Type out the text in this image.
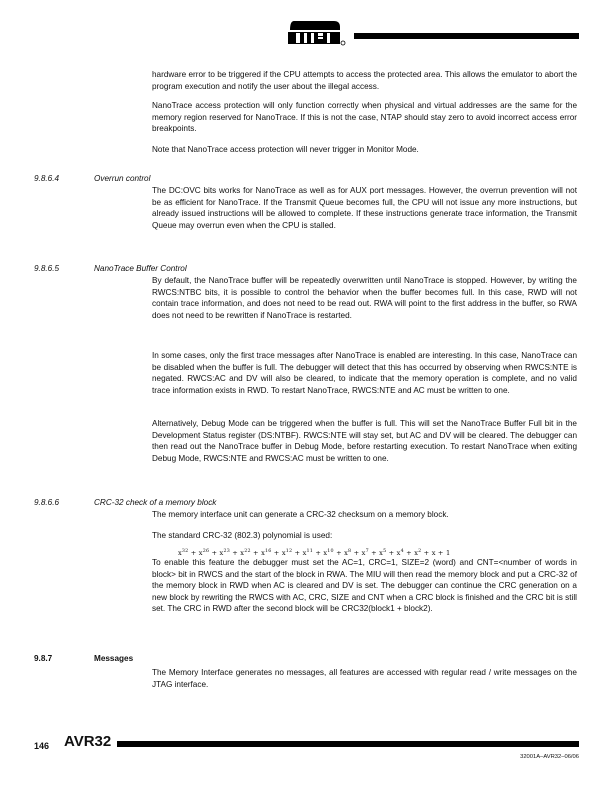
hardware error to be triggered if the CPU attempts to access the protected area. This allows the emulator to abort the program execution and notify the user about the illegal access.

NanoTrace access protection will only function correctly when physical and virtual addresses are the same for the memory region reserved for NanoTrace. If this is not the case, NTAP should stay zero to avoid incorrect access error breakpoints.

Note that NanoTrace access protection will never trigger in Monitor Mode.

9.8.6.4	Overrun control

The DC:OVC bits works for NanoTrace as well as for AUX port messages. However, the overrun prevention will not be as efficient for NanoTrace. If the Transmit Queue becomes full, the CPU will not issue any more instructions, but already issued instructions will be allowed to complete. If these instructions generate trace information, the Transmit Queue may overrun even when the CPU is stalled.

9.8.6.5	NanoTrace Buffer Control

By default, the NanoTrace buffer will be repeatedly overwritten until NanoTrace is stopped. However, by writing the RWCS:NTBC bits, it is possible to control the behavior when the buffer becomes full. In this case, RWD will not contain trace information, and does not need to be read out. RWA will point to the first address in the buffer, so RWA does not need to be rewritten if NanoTrace is restarted.

In some cases, only the first trace messages after NanoTrace is enabled are interesting. In this case, NanoTrace can be disabled when the buffer is full. The debugger will detect that this has occurred by observing when RWCS:NTE is negated. RWCS:AC and DV will also be cleared, to indicate that the memory operation is complete, and no valid trace information exists in RWD. To restart NanoTrace, RWCS:NTE and AC must be written to one.

Alternatively, Debug Mode can be triggered when the buffer is full. This will set the NanoTrace Buffer Full bit in the Development Status register (DS:NTBF). RWCS:NTE will stay set, but AC and DV will be cleared. The debugger can then read out the NanoTrace buffer in Debug Mode, before restarting execution. To restart NanoTrace when exiting Debug Mode, RWCS:NTE and RWCS:AC must be written to one.

9.8.6.6	CRC-32 check of a memory block

The memory interface unit can generate a CRC-32 checksum on a memory block.

The standard CRC-32 (802.3) polynomial is used:

$x^{32} + x^{26} + x^{23} + x^{22} + x^{16} + x^{12} + x^{11} + x^{10} + x^8 + x^7 + x^5 + x^4 + x^2 + x + 1$

To enable this feature the debugger must set the AC=1, CRC=1, SIZE=2 (word) and CNT=<number of words in block> bit in RWCS and the start of the block in RWA. The MIU will then read the memory block and put a CRC-32 of the memory block in RWD when AC is cleared and DV is set. The debugger can continue the CRC generation on a new block by rewriting the RWCS with AC, CRC, SIZE and CNT when a CRC block is finished and the CRC bit is still set. The CRC in RWD after the second block will be CRC32(block1 + block2).

9.8.7	Messages

The Memory Interface generates no messages, all features are accessed with regular read / write messages on the JTAG interface.

146 AVR32
32001A–AVR32–06/06
